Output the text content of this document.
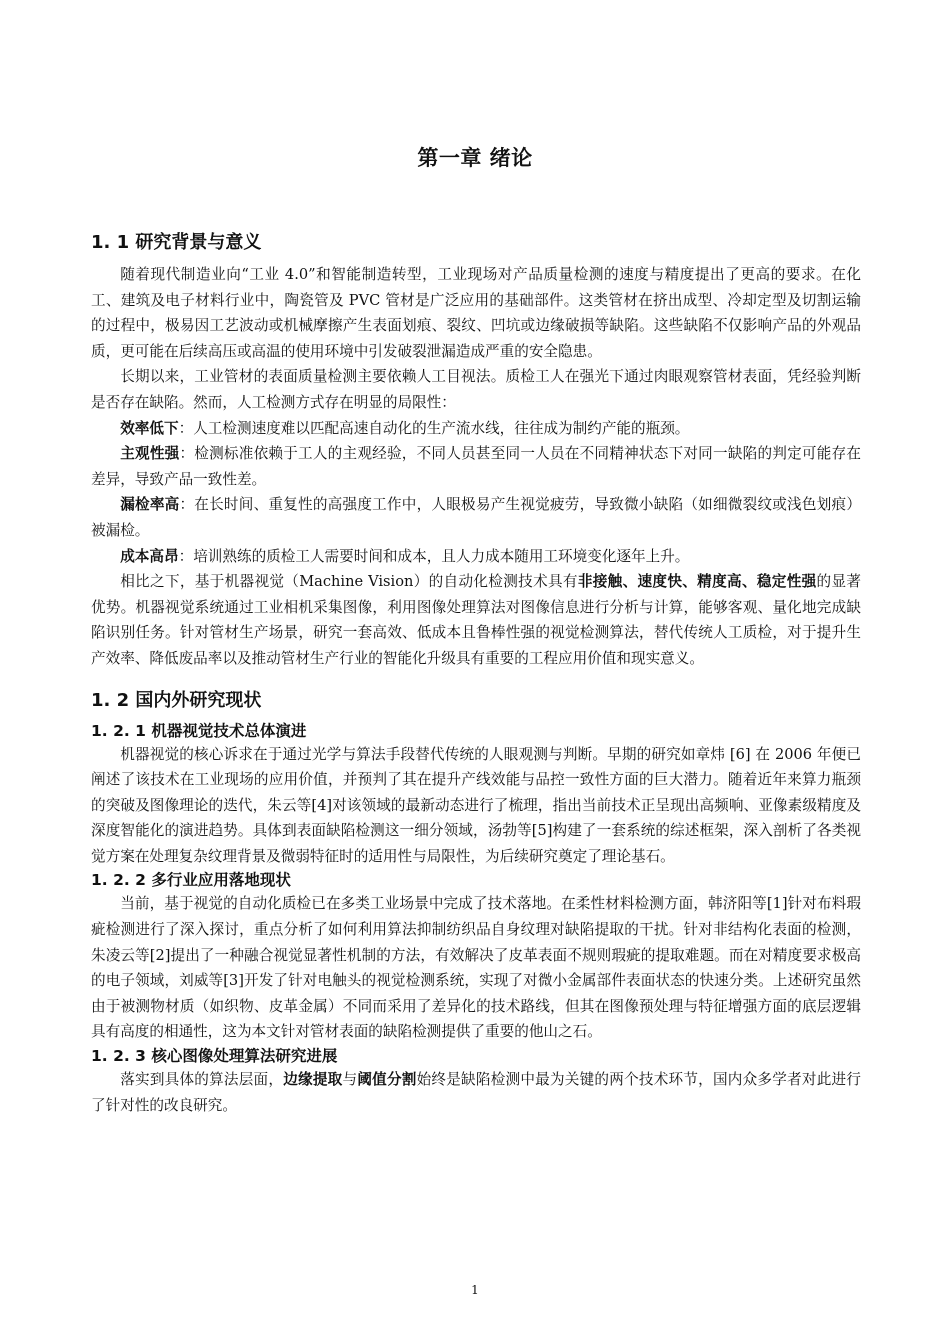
第一章 绪论
1. 1 研究背景与意义

随着现代制造业向“工业 4.0”和智能制造转型，工业现场对产品质量检测的速度与精度提出了更高的要求。在化工、建筑及电子材料行业中，陶瓷管及 PVC 管材是广泛应用的基础部件。这类管材在挤出成型、冷却定型及切割运输的过程中，极易因工艺波动或机械摩擦产生表面划痕、裂纹、凹坑或边缘破损等缺陷。这些缺陷不仅影响产品的外观品质，更可能在后续高压或高温的使用环境中引发破裂泄漏造成严重的安全隐患。

长期以来，工业管材的表面质量检测主要依赖人工目视法。质检工人在强光下通过肉眼观察管材表面，凭经验判断是否存在缺陷。然而，人工检测方式存在明显的局限性：

效率低下：人工检测速度难以匹配高速自动化的生产流水线，往往成为制约产能的瓶颈。

主观性强：检测标准依赖于工人的主观经验，不同人员甚至同一人员在不同精神状态下对同一缺陷的判定可能存在差异，导致产品一致性差。

漏检率高：在长时间、重复性的高强度工作中，人眼极易产生视觉疲劳，导致微小缺陷（如细微裂纹或浅色划痕）被漏检。

成本高昂：培训熟练的质检工人需要时间和成本，且人力成本随用工环境变化逐年上升。

相比之下，基于机器视觉（Machine Vision）的自动化检测技术具有非接触、速度快、精度高、稳定性强的显著优势。机器视觉系统通过工业相机采集图像，利用图像处理算法对图像信息进行分析与计算，能够客观、量化地完成缺陷识别任务。针对管材生产场景，研究一套高效、低成本且鲁棒性强的视觉检测算法，替代传统人工质检，对于提升生产效率、降低废品率以及推动管材生产行业的智能化升级具有重要的工程应用价值和现实意义。

1. 2 国内外研究现状
1. 2. 1 机器视觉技术总体演进

机器视觉的核心诉求在于通过光学与算法手段替代传统的人眼观测与判断。早期的研究如章炜 [6] 在 2006 年便已阐述了该技术在工业现场的应用价值，并预判了其在提升产线效能与品控一致性方面的巨大潜力。随着近年来算力瓶颈的突破及图像理论的迭代，朱云等[4]对该领域的最新动态进行了梳理，指出当前技术正呈现出高频响、亚像素级精度及深度智能化的演进趋势。具体到表面缺陷检测这一细分领域，汤勃等[5]构建了一套系统的综述框架，深入剖析了各类视觉方案在处理复杂纹理背景及微弱特征时的适用性与局限性，为后续研究奠定了理论基石。

1. 2. 2 多行业应用落地现状

当前，基于视觉的自动化质检已在多类工业场景中完成了技术落地。在柔性材料检测方面，韩济阳等[1]针对布料瑕疵检测进行了深入探讨，重点分析了如何利用算法抑制纺织品自身纹理对缺陷提取的干扰。针对非结构化表面的检测，朱凌云等[2]提出了一种融合视觉显著性机制的方法，有效解决了皮革表面不规则瑕疵的提取难题。而在对精度要求极高的电子领域，刘威等[3]开发了针对电触头的视觉检测系统，实现了对微小金属部件表面状态的快速分类。上述研究虽然由于被测物材质（如织物、皮革金属）不同而采用了差异化的技术路线，但其在图像预处理与特征增强方面的底层逻辑具有高度的相通性，这为本文针对管材表面的缺陷检测提供了重要的他山之石。

1. 2. 3 核心图像处理算法研究进展

落实到具体的算法层面，边缘提取与阈值分割始终是缺陷检测中最为关键的两个技术环节，国内众多学者对此进行了针对性的改良研究。

1
